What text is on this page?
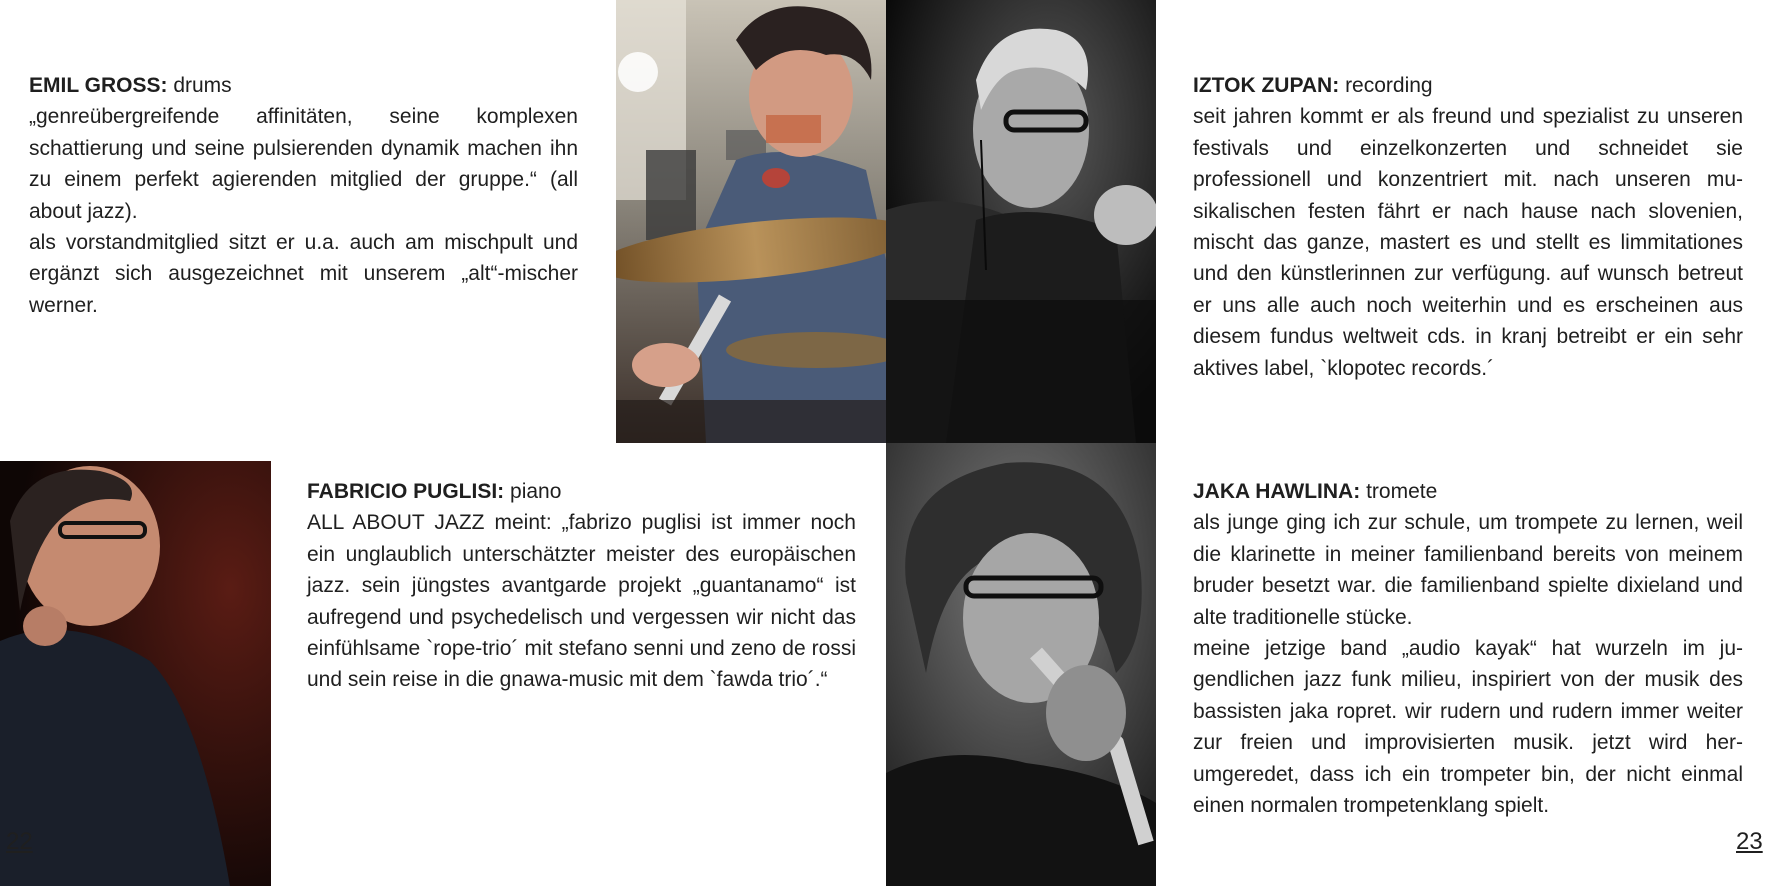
EMIL GROSS: drums

„genreübergreifende affinitäten, seine komplexen schattierung und seine pulsierenden dynamik machen ihn zu einem perfekt agierenden mitglied der gruppe.“ (all about jazz).

als vorstandmitglied sitzt er u.a. auch am mischpult und ergänzt sich ausgezeichnet mit unserem „alt“-mischer werner.

IZTOK ZUPAN: recording

seit jahren kommt er als freund und spezialist zu unseren festivals und einzelkonzerten und schneidet sie professionell und konzentriert mit. nach unseren musikalischen festen fährt er nach hause nach slovenien, mischt das ganze, mastert es und stellt es limmitationes und den künstlerinnen zur verfügung. auf wunsch betreut er uns alle auch noch weiterhin und es erscheinen aus diesem fundus weltweit cds. in kranj betreibt er ein sehr aktives label, `klopotec records.´

FABRICIO PUGLISI: piano

ALL ABOUT JAZZ meint: „fabrizo puglisi ist immer noch ein unglaublich unterschätzter meister des europäischen jazz. sein jüngstes avantgarde projekt „guantanamo“ ist aufregend und psychedelisch und vergessen wir nicht das einfühlsame `rope-trio´ mit stefano senni und zeno de rossi und sein reise in die gnawa-music mit dem `fawda trio´.“

JAKA HAWLINA: tromete

als junge ging ich zur schule, um trompete zu lernen, weil die klarinette in meiner familienband bereits von meinem bruder besetzt war. die familienband spielte dixieland und alte traditionelle stücke.

meine jetzige band „audio kayak“ hat wurzeln im jugendlichen jazz funk milieu, inspiriert von der musik des bassisten jaka ropret. wir rudern und rudern immer weiter zur freien und improvisierten musik. jetzt wird herumgeredet, dass ich ein trompeter bin, der nicht einmal einen normalen trompetenklang spielt.

22	23
